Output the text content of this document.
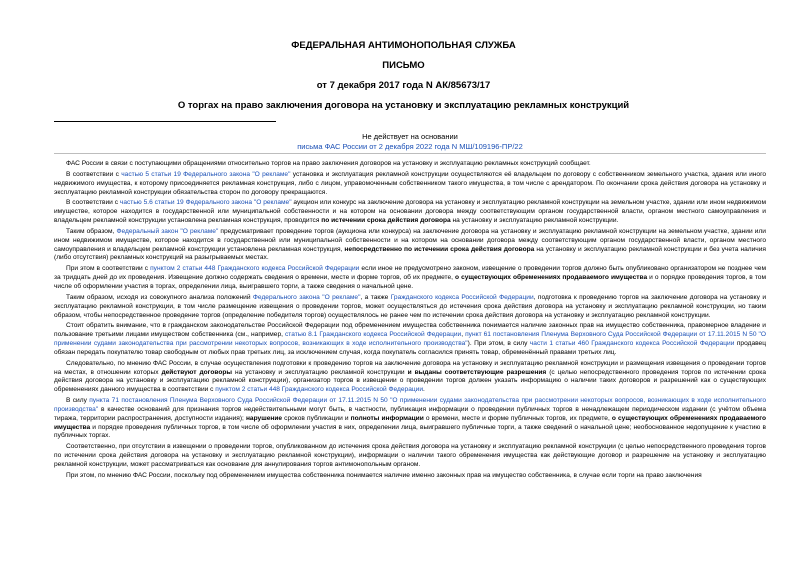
ФЕДЕРАЛЬНАЯ АНТИМОНОПОЛЬНАЯ СЛУЖБА
ПИСЬМО
от 7 декабря 2017 года N АК/85673/17
О торгах на право заключения договора на установку и эксплуатацию рекламных конструкций
Не действует на основании
письма ФАС России от 2 декабря 2022 года N МШ/109196-ПР/22

ФАС России в связи с поступающими обращениями относительно торгов на право заключения договоров на установку и эксплуатацию рекламных конструкций сообщает.

В соответствии с частью 5 статьи 19 Федерального закона "О рекламе" установка и эксплуатация рекламной конструкции осуществляются её владельцем по договору с собственником земельного участка, здания или иного недвижимого имущества, к которому присоединяется рекламная конструкция, либо с лицом, управомоченным собственником такого имущества, в том числе с арендатором. По окончании срока действия договора на установку и эксплуатацию рекламной конструкции обязательства сторон по договору прекращаются.

В соответствии с частью 5.6 статьи 19 Федерального закона "О рекламе" аукцион или конкурс на заключение договора на установку и эксплуатацию рекламной конструкции на земельном участке, здании или ином недвижимом имуществе, которое находится в государственной или муниципальной собственности и на котором на основании договора между соответствующим органом государственной власти, органом местного самоуправления и владельцем рекламной конструкции установлена рекламная конструкция, проводится по истечении срока действия договора на установку и эксплуатацию рекламной конструкции.

Таким образом, Федеральный закон "О рекламе" предусматривает проведение торгов (аукциона или конкурса) на заключение договора на установку и эксплуатацию рекламной конструкции на земельном участке, здании или ином недвижимом имуществе, которое находится в государственной или муниципальной собственности и на котором на основании договора между соответствующим органом государственной власти, органом местного самоуправления и владельцем рекламной конструкции установлена рекламная конструкция, непосредственно по истечении срока действия договора на установку и эксплуатацию рекламной конструкции и без учета наличия (либо отсутствия) рекламных конструкций на разыгрываемых местах.

При этом в соответствии с пунктом 2 статьи 448 Гражданского кодекса Российской Федерации если иное не предусмотрено законом, извещение о проведении торгов должно быть опубликовано организатором не позднее чем за тридцать дней до их проведения. Извещение должно содержать сведения о времени, месте и форме торгов, об их предмете, о существующих обременениях продаваемого имущества и о порядке проведения торгов, в том числе об оформлении участия в торгах, определении лица, выигравшего торги, а также сведения о начальной цене.

Таким образом, исходя из совокупного анализа положений Федерального закона "О рекламе", а также Гражданского кодекса Российской Федерации, подготовка к проведению торгов на заключение договора на установку и эксплуатацию рекламной конструкции, в том числе размещение извещения о проведении торгов, может осуществляться до истечения срока действия договора на установку и эксплуатацию рекламной конструкции, но таким образом, чтобы непосредственное проведение торгов (определение победителя торгов) осуществлялось не ранее чем по истечении срока действия договора на установку и эксплуатацию рекламной конструкции.

Стоит обратить внимание, что в гражданском законодательстве Российской Федерации под обременением имущества собственника понимается наличие законных прав на имущество собственника, правомерное владение и пользование третьими лицами имуществом собственника (см., например, статью 8.1 Гражданского кодекса Российской Федерации, пункт 61 постановления Пленума Верховного Суда Российской Федерации от 17.11.2015 N 50 "О применении судами законодательства при рассмотрении некоторых вопросов, возникающих в ходе исполнительного производства"). При этом, в силу части 1 статьи 460 Гражданского кодекса Российской Федерации продавец обязан передать покупателю товар свободным от любых прав третьих лиц, за исключением случая, когда покупатель согласился принять товар, обременённый правами третьих лиц.

Следовательно, по мнению ФАС России, в случае осуществления подготовки к проведению торгов на заключение договора на установку и эксплуатацию рекламной конструкции и размещения извещения о проведении торгов на местах, в отношении которых действуют договоры на установку и эксплуатацию рекламной конструкции и выданы соответствующие разрешения (с целью непосредственного проведения торгов по истечении срока действия договора на установку и эксплуатацию рекламной конструкции), организатор торгов в извещении о проведении торгов должен указать информацию о наличии таких договоров и разрешений как о существующих обременениях данного имущества в соответствии с пунктом 2 статьи 448 Гражданского кодекса Российской Федерации.

В силу пункта 71 постановления Пленума Верховного Суда Российской Федерации от 17.11.2015 N 50 "О применении судами законодательства при рассмотрении некоторых вопросов, возникающих в ходе исполнительного производства" в качестве оснований для признания торгов недействительными могут быть, в частности, публикация информации о проведении публичных торгов в ненадлежащем периодическом издании (с учётом объема тиража, территории распространения, доступности издания); нарушение сроков публикации и полноты информации о времени, месте и форме публичных торгов, их предмете, о существующих обременениях продаваемого имущества и порядке проведения публичных торгов, в том числе об оформлении участия в них, определении лица, выигравшего публичные торги, а также сведений о начальной цене; необоснованное недопущение к участию в публичных торгах.

Соответственно, при отсутствии в извещении о проведении торгов, опубликованном до истечения срока действия договора на установку и эксплуатацию рекламной конструкции (с целью непосредственного проведения торгов по истечении срока действия договора на установку и эксплуатацию рекламной конструкции), информации о наличии такого обременения имущества как действующие договор и разрешение на установку и эксплуатацию рекламной конструкции, может рассматриваться как основание для аннулирования торгов антимонопольным органом.

При этом, по мнению ФАС России, поскольку под обременением имущества собственника понимается наличие именно законных прав на имущество собственника, в случае если торги на право заключения
